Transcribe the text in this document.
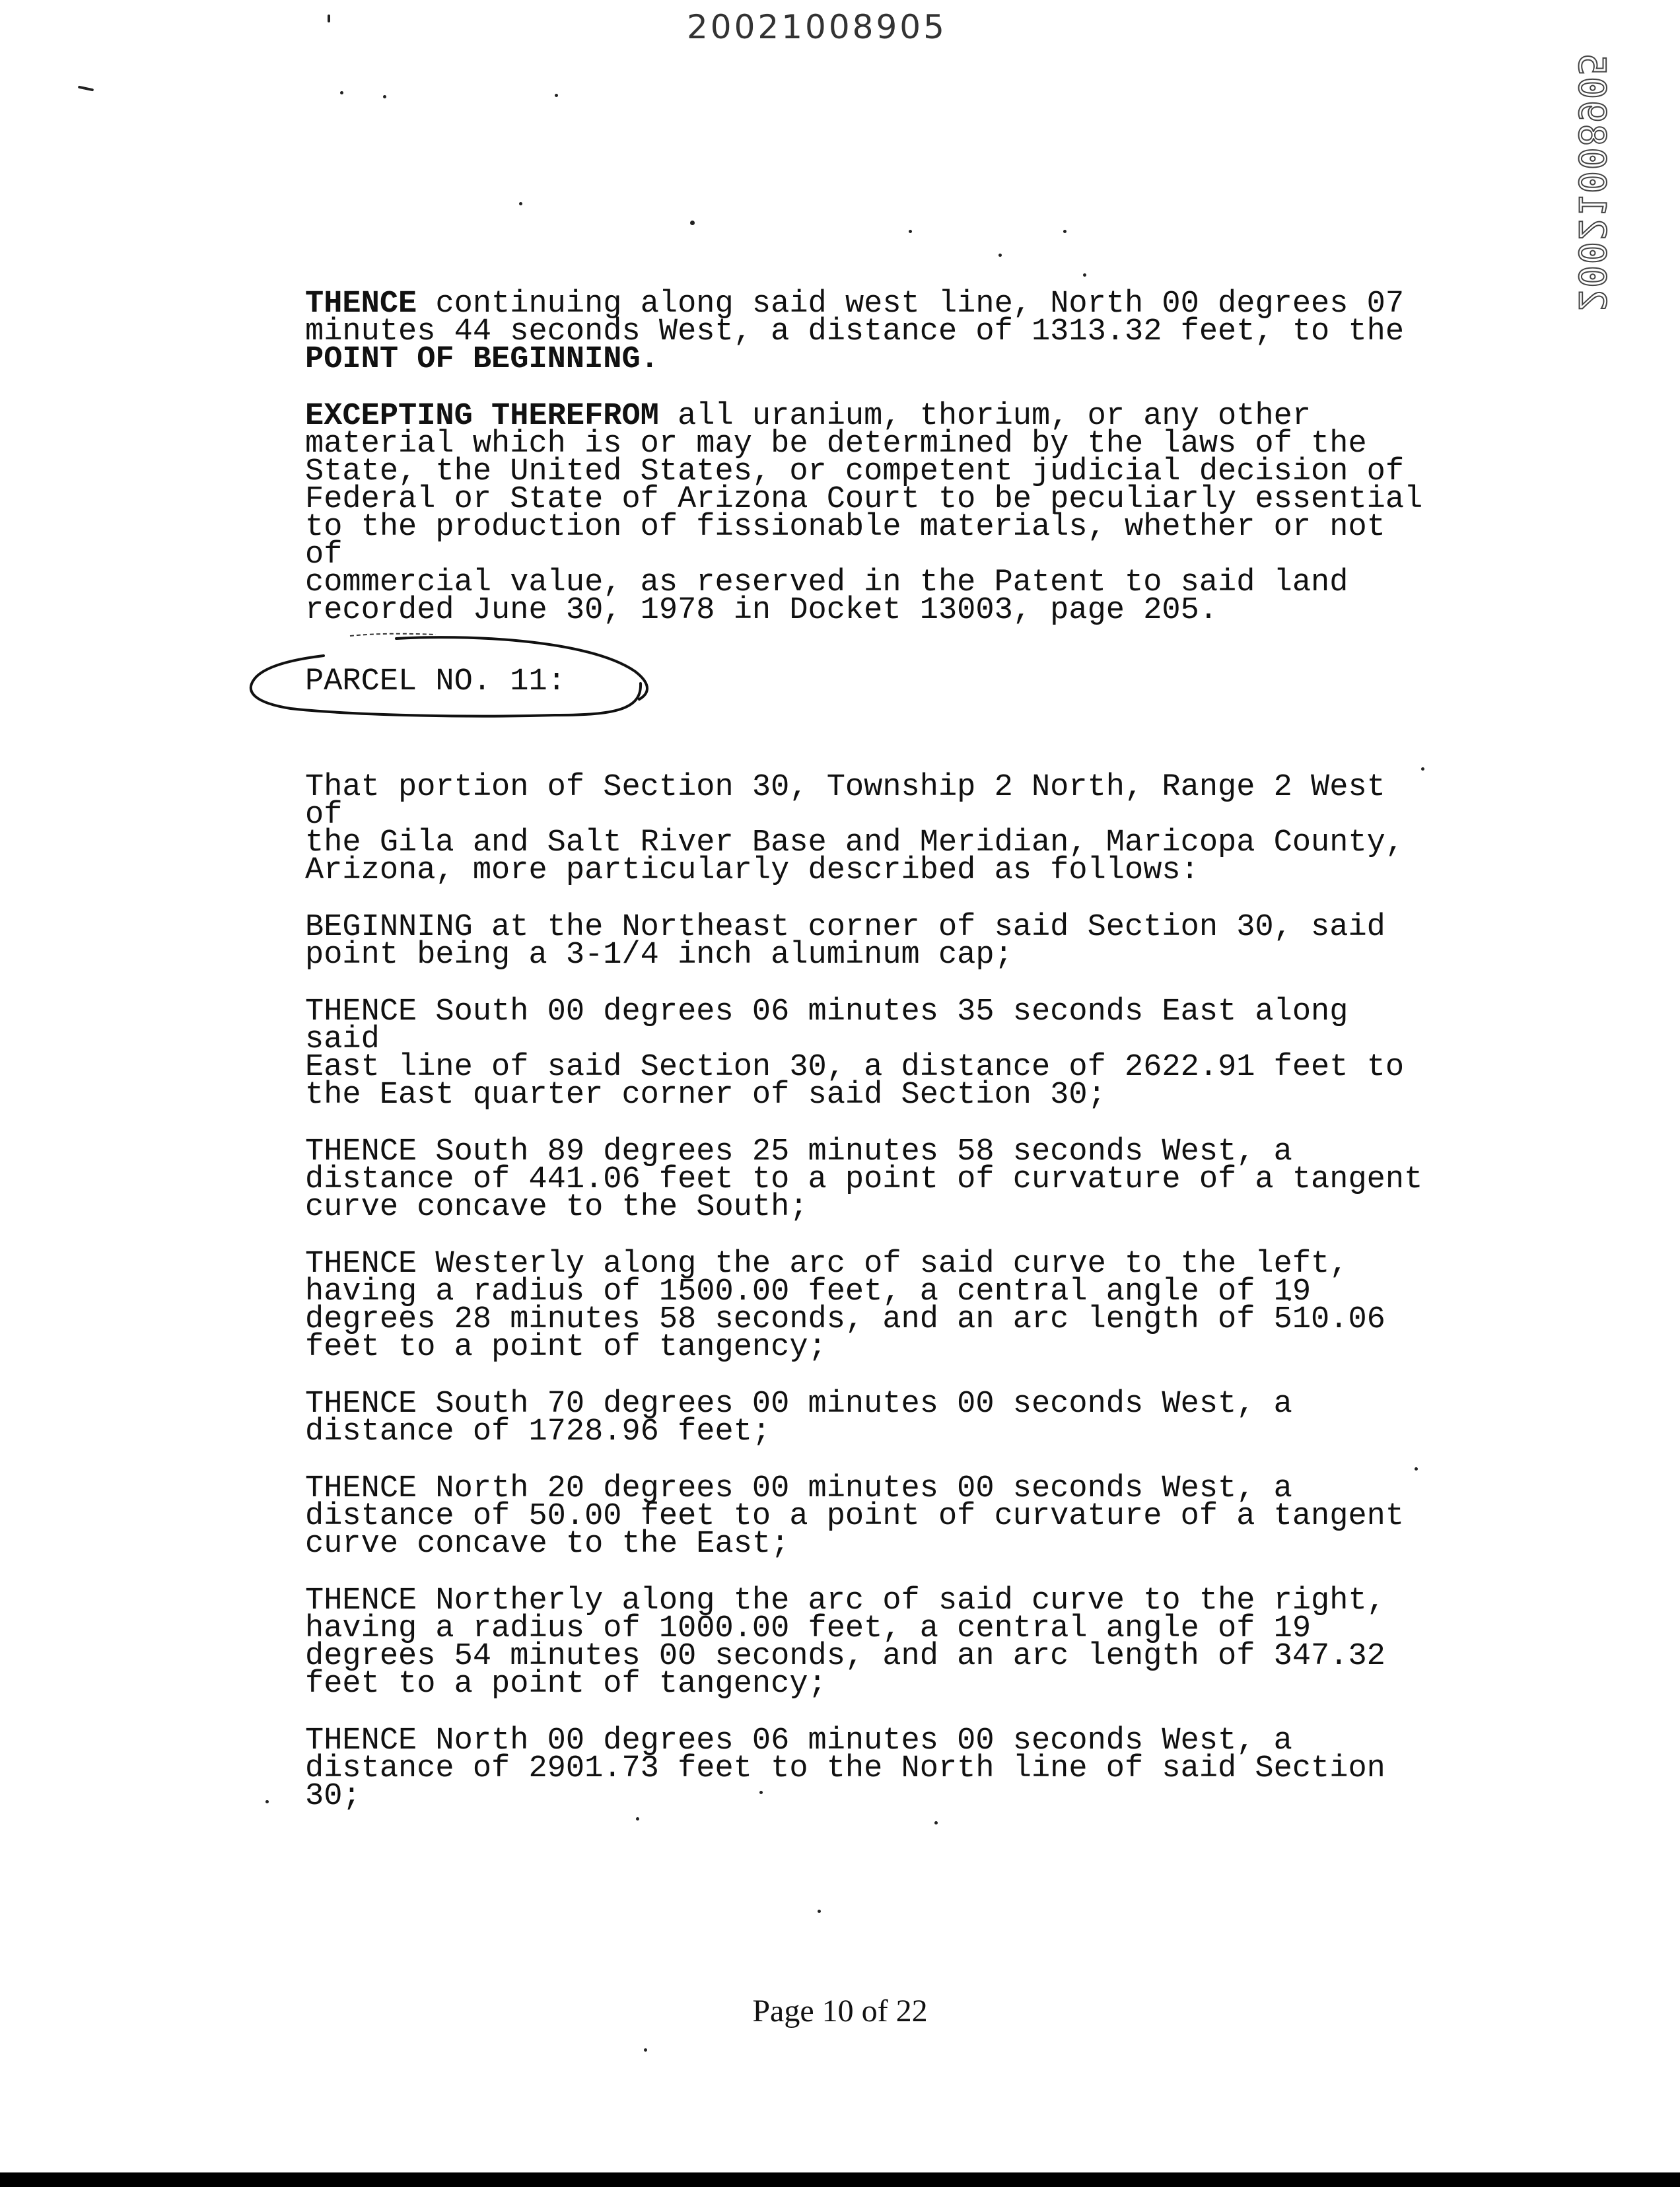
20021008905
20021008905

THENCE continuing along said west line, North 00 degrees 07
minutes 44 seconds West, a distance of 1313.32 feet, to the
POINT OF BEGINNING.

EXCEPTING THEREFROM all uranium, thorium, or any other
material which is or may be determined by the laws of the
State, the United States, or competent judicial decision of
Federal or State of Arizona Court to be peculiarly essential
to the production of fissionable materials, whether or not of
commercial value, as reserved in the Patent to said land
recorded June 30, 1978 in Docket 13003, page 205.

That portion of Section 30, Township 2 North, Range 2 West of
the Gila and Salt River Base and Meridian, Maricopa County,
Arizona, more particularly described as follows:

BEGINNING at the Northeast corner of said Section 30, said
point being a 3-1/4 inch aluminum cap;

THENCE South 00 degrees 06 minutes 35 seconds East along said
East line of said Section 30, a distance of 2622.91 feet to
the East quarter corner of said Section 30;

THENCE South 89 degrees 25 minutes 58 seconds West, a
distance of 441.06 feet to a point of curvature of a tangent
curve concave to the South;

THENCE Westerly along the arc of said curve to the left,
having a radius of 1500.00 feet, a central angle of 19
degrees 28 minutes 58 seconds, and an arc length of 510.06
feet to a point of tangency;

THENCE South 70 degrees 00 minutes 00 seconds West, a
distance of 1728.96 feet;

THENCE North 20 degrees 00 minutes 00 seconds West, a
distance of 50.00 feet to a point of curvature of a tangent
curve concave to the East;

THENCE Northerly along the arc of said curve to the right,
having a radius of 1000.00 feet, a central angle of 19
degrees 54 minutes 00 seconds, and an arc length of 347.32
feet to a point of tangency;

THENCE North 00 degrees 06 minutes 00 seconds West, a
distance of 2901.73 feet to the North line of said Section
30;

PARCEL NO. 11:
Page 10 of 22
